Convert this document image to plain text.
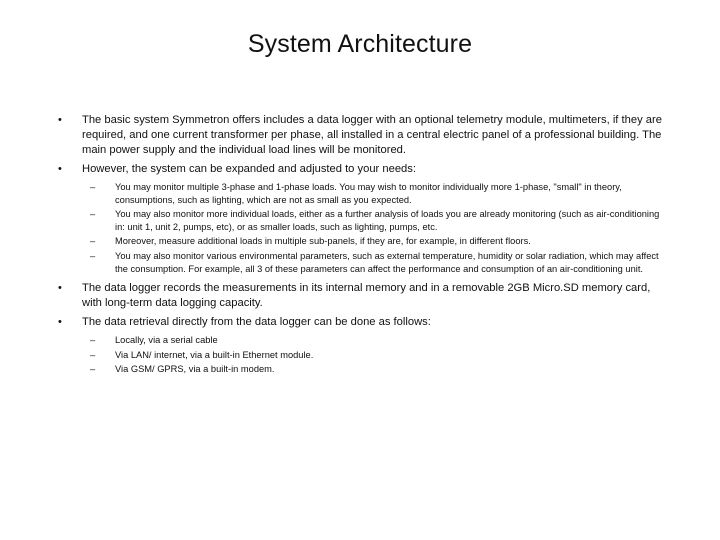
System Architecture
• The basic system Symmetron offers includes a data logger with an optional telemetry module, multimeters, if they are required, and one current transformer per phase, all installed in a central electric panel of a professional building. The main power supply and the individual load lines will be monitored.
• However, the system can be expanded and adjusted to your needs:
– You may monitor multiple 3-phase and 1-phase loads. You may wish to monitor individually more 1-phase, "small" in theory, consumptions, such as lighting, which are not as small as you expected.
– You may also monitor more individual loads, either as a further analysis of loads you are already monitoring (such as air-conditioning in: unit 1, unit 2, pumps, etc), or as smaller loads, such as lighting, pumps, etc.
– Moreover, measure additional loads in multiple sub-panels, if they are, for example, in different floors.
– You may also monitor various environmental parameters, such as external temperature, humidity or solar radiation, which may affect the consumption. For example, all 3 of these parameters can affect the performance and consumption of an air-conditioning unit.
• The data logger records the measurements in its internal memory and in a removable 2GB Micro.SD memory card, with long-term data logging capacity.
• The data retrieval directly from the data logger can be done as follows:
– Locally, via a serial cable
– Via LAN/ internet, via a built-in Ethernet module.
– Via GSM/ GPRS, via a built-in modem.
